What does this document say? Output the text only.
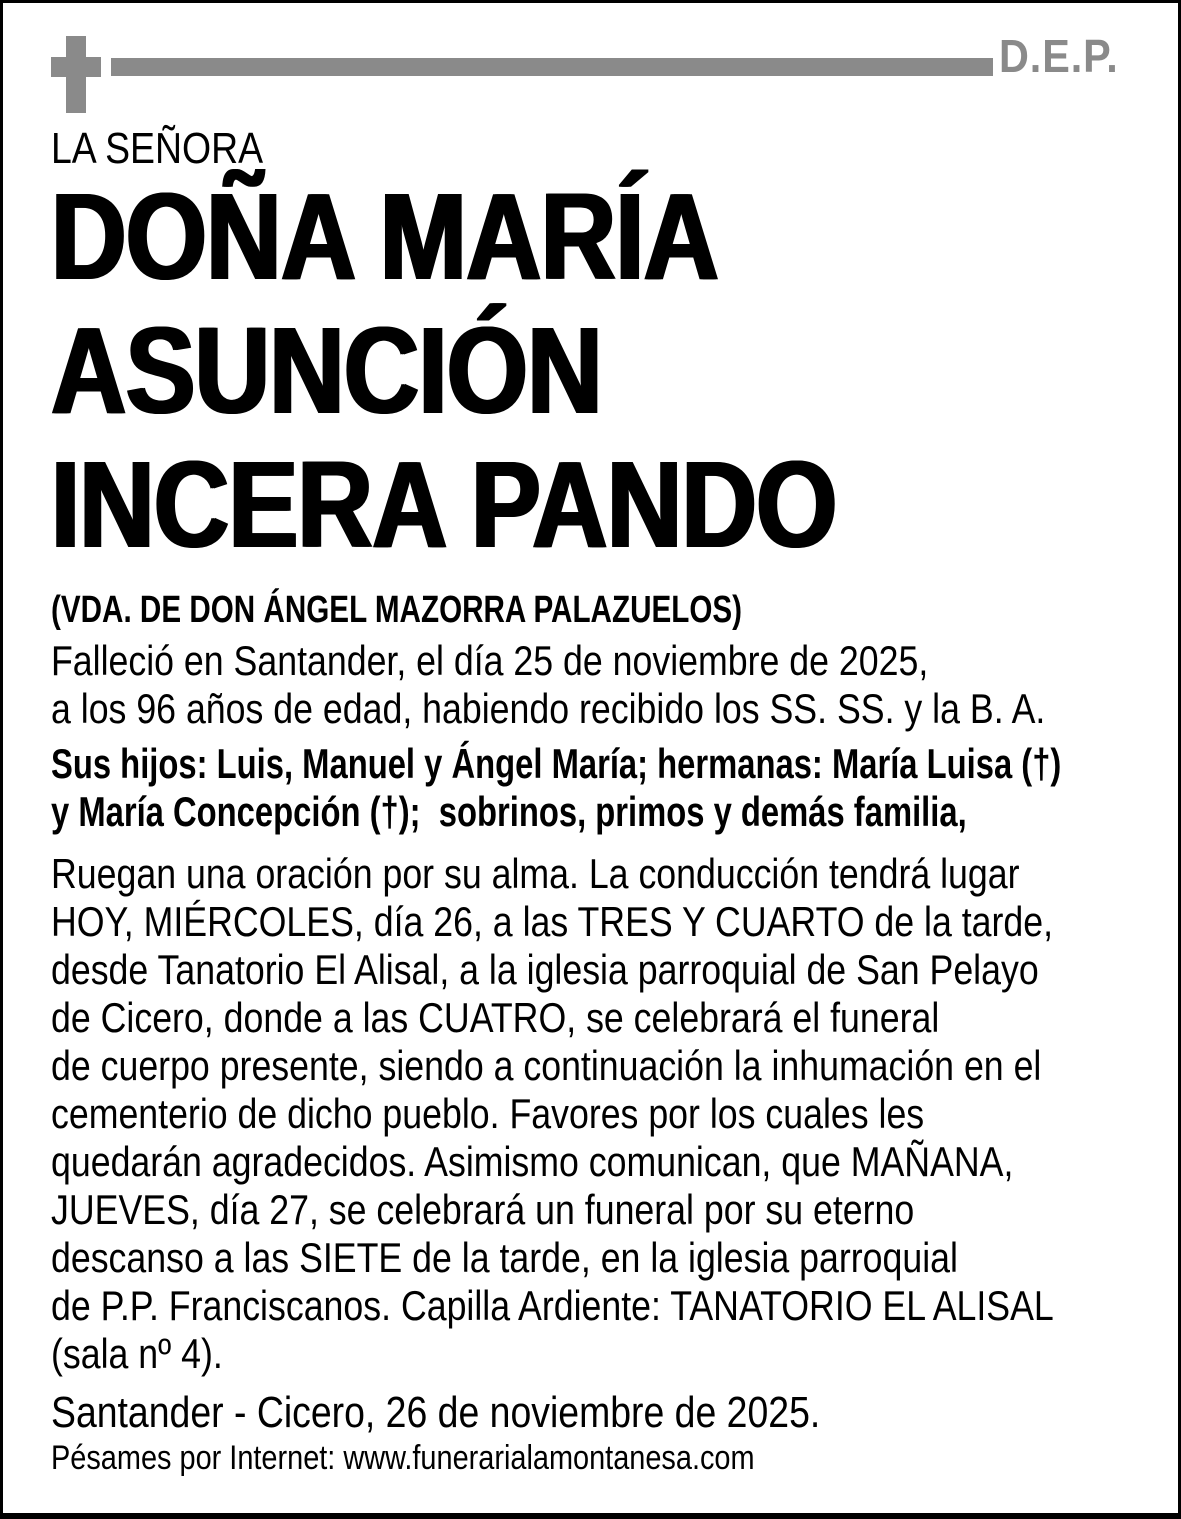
D.E.P.
LA SEÑORA
DOÑA MARÍA
ASUNCIÓN
INCERA PANDO
(VDA. DE DON ÁNGEL MAZORRA PALAZUELOS)
Falleció en Santander, el día 25 de noviembre de 2025,
a los 96 años de edad, habiendo recibido los SS. SS. y la B. A.
Sus hijos: Luis, Manuel y Ángel María; hermanas: María Luisa (†)
y María Concepción (†);  sobrinos, primos y demás familia,
Ruegan una oración por su alma. La conducción tendrá lugar
HOY, MIÉRCOLES, día 26, a las TRES Y CUARTO de la tarde,
desde Tanatorio El Alisal, a la iglesia parroquial de San Pelayo
de Cicero, donde a las CUATRO, se celebrará el funeral
de cuerpo presente, siendo a continuación la inhumación en el
cementerio de dicho pueblo. Favores por los cuales les
quedarán agradecidos. Asimismo comunican, que MAÑANA,
JUEVES, día 27, se celebrará un funeral por su eterno
descanso a las SIETE de la tarde, en la iglesia parroquial
de P.P. Franciscanos. Capilla Ardiente: TANATORIO EL ALISAL
(sala nº 4).
Santander - Cicero, 26 de noviembre de 2025.
Pésames por Internet: www.funerarialamontanesa.com
